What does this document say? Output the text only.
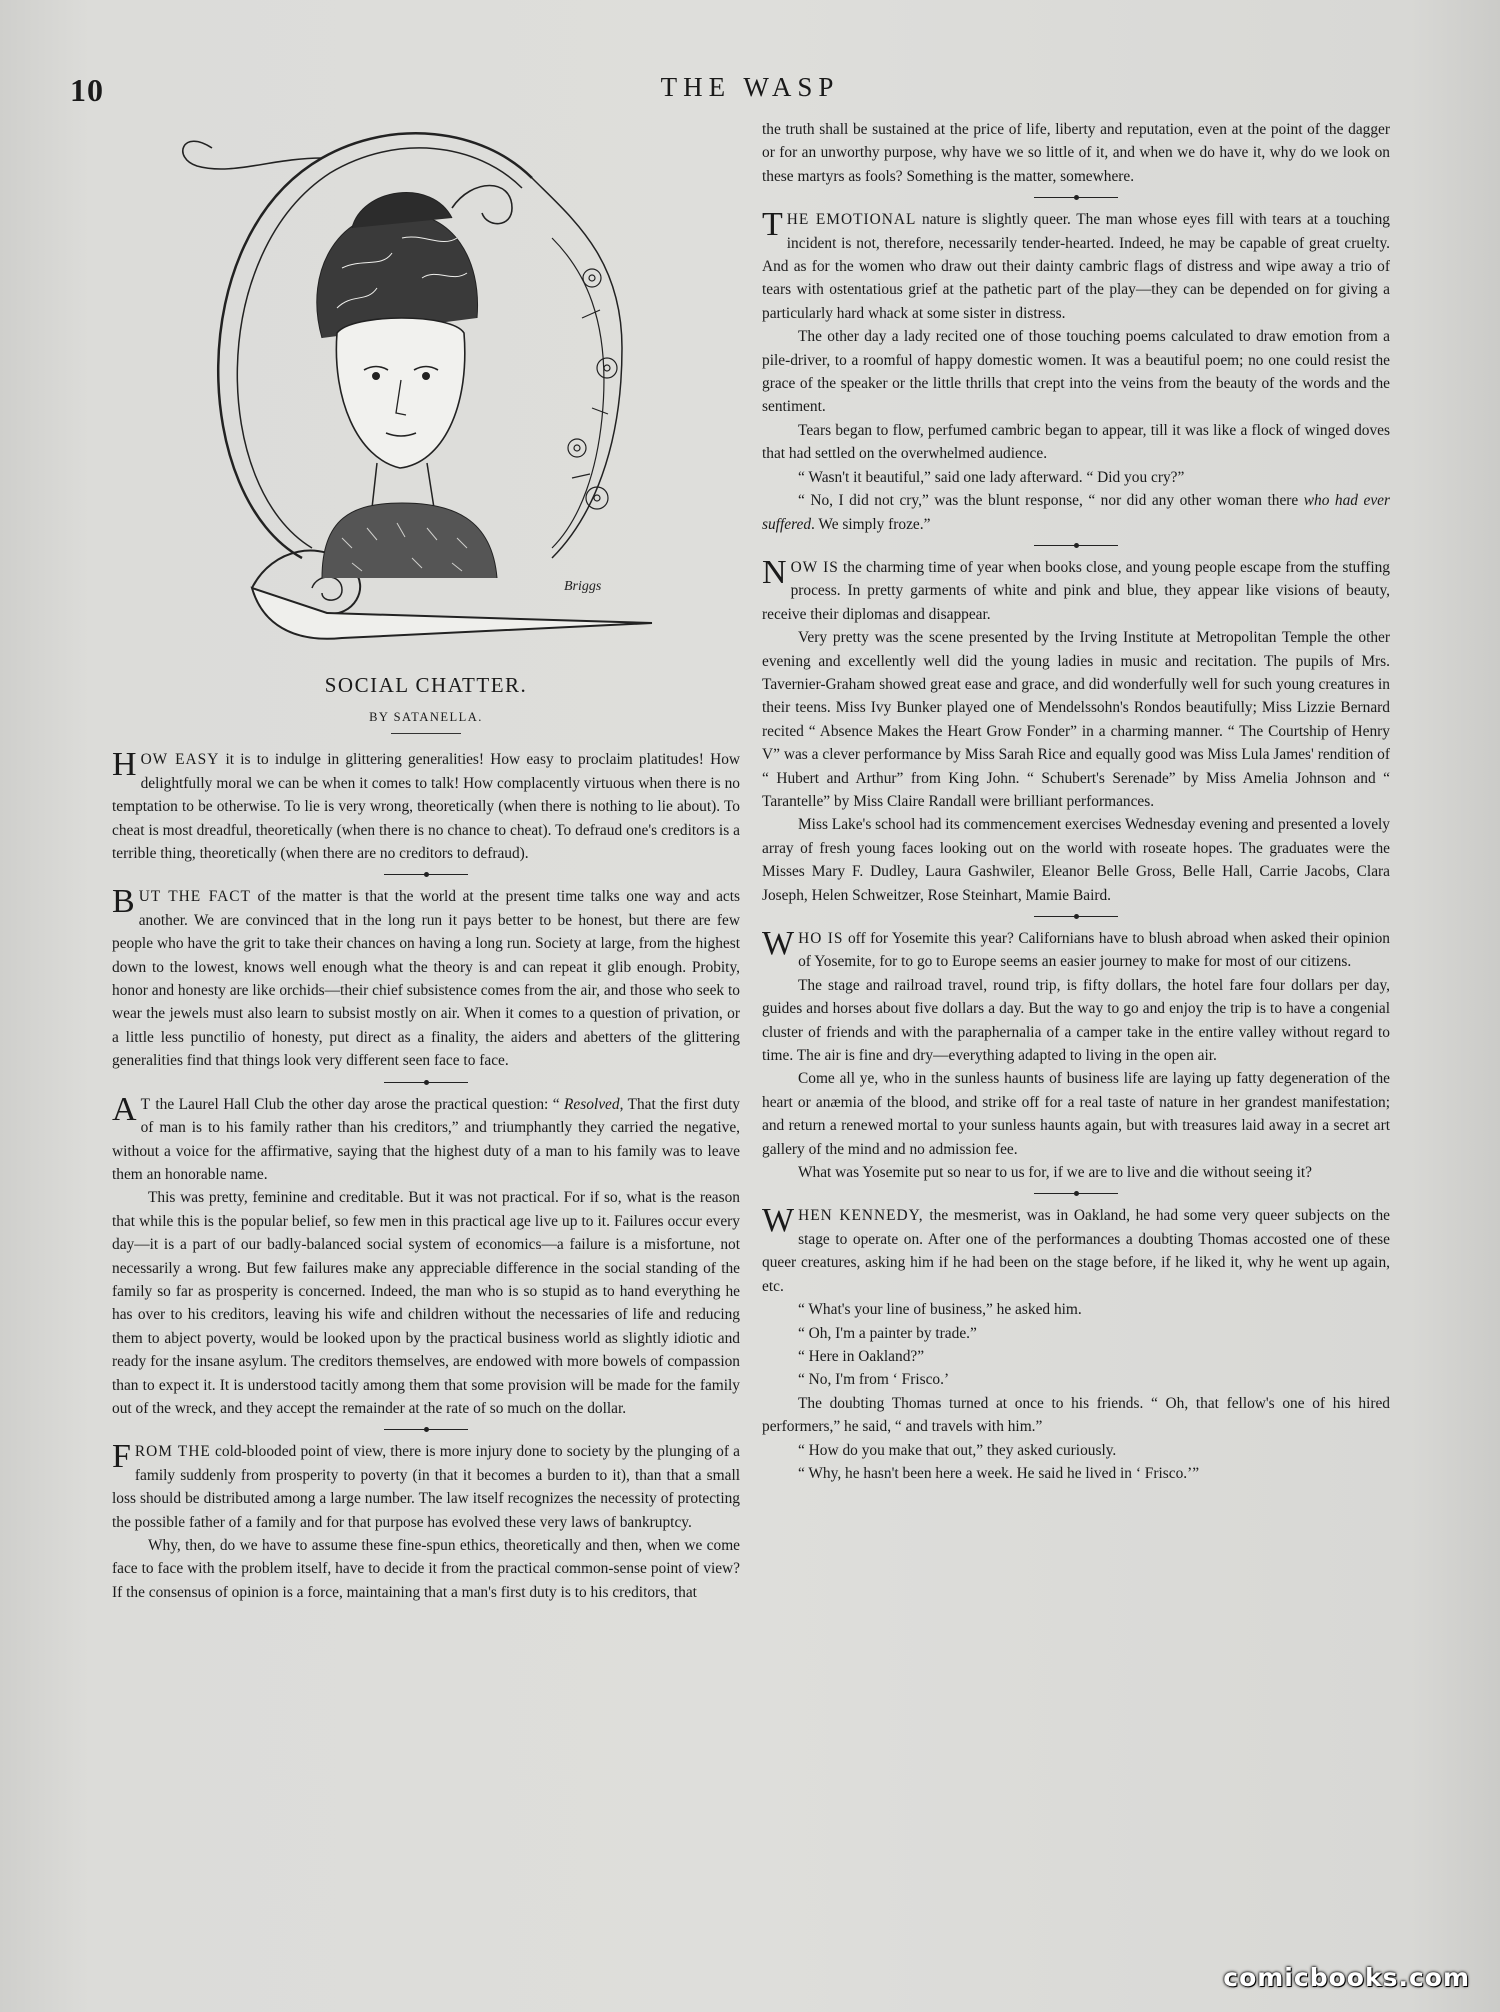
10	THE WASP
Briggs
SOCIAL CHATTER.
BY SATANELLA.

HOW EASY it is to indulge in glittering generalities! How easy to proclaim platitudes! How delightfully moral we can be when it comes to talk! How complacently virtuous when there is no temptation to be otherwise. To lie is very wrong, theoretically (when there is nothing to lie about). To cheat is most dreadful, theoretically (when there is no chance to cheat). To defraud one's creditors is a terrible thing, theoretically (when there are no creditors to defraud).

BUT THE FACT of the matter is that the world at the present time talks one way and acts another. We are convinced that in the long run it pays better to be honest, but there are few people who have the grit to take their chances on having a long run. Society at large, from the highest down to the lowest, knows well enough what the theory is and can repeat it glib enough. Probity, honor and honesty are like orchids—their chief subsistence comes from the air, and those who seek to wear the jewels must also learn to subsist mostly on air. When it comes to a question of privation, or a little less punctilio of honesty, put direct as a finality, the aiders and abetters of the glittering generalities find that things look very different seen face to face.

A T the Laurel Hall Club the other day arose the practical question: “ Resolved, That the first duty of man is to his family rather than his creditors,” and triumphantly they carried the negative, without a voice for the affirmative, saying that the highest duty of a man to his family was to leave them an honorable name.

This was pretty, feminine and creditable. But it was not practical. For if so, what is the reason that while this is the popular belief, so few men in this practical age live up to it. Failures occur every day—it is a part of our badly-balanced social system of economics—a failure is a misfortune, not necessarily a wrong. But few failures make any appreciable difference in the social standing of the family so far as prosperity is concerned. Indeed, the man who is so stupid as to hand everything he has over to his creditors, leaving his wife and children without the necessaries of life and reducing them to abject poverty, would be looked upon by the practical business world as slightly idiotic and ready for the insane asylum. The creditors themselves, are endowed with more bowels of compassion than to expect it. It is understood tacitly among them that some provision will be made for the family out of the wreck, and they accept the remainder at the rate of so much on the dollar.

FROM THE cold-blooded point of view, there is more injury done to society by the plunging of a family suddenly from prosperity to poverty (in that it becomes a burden to it), than that a small loss should be distributed among a large number. The law itself recognizes the necessity of protecting the possible father of a family and for that purpose has evolved these very laws of bankruptcy.

Why, then, do we have to assume these fine-spun ethics, theoretically and then, when we come face to face with the problem itself, have to decide it from the practical common-sense point of view? If the consensus of opinion is a force, maintaining that a man's first duty is to his creditors, that

the truth shall be sustained at the price of life, liberty and reputation, even at the point of the dagger or for an unworthy purpose, why have we so little of it, and when we do have it, why do we look on these martyrs as fools? Something is the matter, somewhere.

THE EMOTIONAL nature is slightly queer. The man whose eyes fill with tears at a touching incident is not, therefore, necessarily tender-hearted. Indeed, he may be capable of great cruelty. And as for the women who draw out their dainty cambric flags of distress and wipe away a trio of tears with ostentatious grief at the pathetic part of the play—they can be depended on for giving a particularly hard whack at some sister in distress.

The other day a lady recited one of those touching poems calculated to draw emotion from a pile-driver, to a roomful of happy domestic women. It was a beautiful poem; no one could resist the grace of the speaker or the little thrills that crept into the veins from the beauty of the words and the sentiment.

Tears began to flow, perfumed cambric began to appear, till it was like a flock of winged doves that had settled on the overwhelmed audience.

“ Wasn't it beautiful,” said one lady afterward. “ Did you cry?”

“ No, I did not cry,” was the blunt response, “ nor did any other woman there who had ever suffered. We simply froze.”

NOW IS the charming time of year when books close, and young people escape from the stuffing process. In pretty garments of white and pink and blue, they appear like visions of beauty, receive their diplomas and disappear.

Very pretty was the scene presented by the Irving Institute at Metropolitan Temple the other evening and excellently well did the young ladies in music and recitation. The pupils of Mrs. Tavernier-Graham showed great ease and grace, and did wonderfully well for such young creatures in their teens. Miss Ivy Bunker played one of Mendelssohn's Rondos beautifully; Miss Lizzie Bernard recited “ Absence Makes the Heart Grow Fonder” in a charming manner. “ The Courtship of Henry V” was a clever performance by Miss Sarah Rice and equally good was Miss Lula James' rendition of “ Hubert and Arthur” from King John. “ Schubert's Serenade” by Miss Amelia Johnson and “ Tarantelle” by Miss Claire Randall were brilliant performances.

Miss Lake's school had its commencement exercises Wednesday evening and presented a lovely array of fresh young faces looking out on the world with roseate hopes. The graduates were the Misses Mary F. Dudley, Laura Gashwiler, Eleanor Belle Gross, Belle Hall, Carrie Jacobs, Clara Joseph, Helen Schweitzer, Rose Steinhart, Mamie Baird.

WHO IS off for Yosemite this year? Californians have to blush abroad when asked their opinion of Yosemite, for to go to Europe seems an easier journey to make for most of our citizens.

The stage and railroad travel, round trip, is fifty dollars, the hotel fare four dollars per day, guides and horses about five dollars a day. But the way to go and enjoy the trip is to have a congenial cluster of friends and with the paraphernalia of a camper take in the entire valley without regard to time. The air is fine and dry—everything adapted to living in the open air.

Come all ye, who in the sunless haunts of business life are laying up fatty degeneration of the heart or anæmia of the blood, and strike off for a real taste of nature in her grandest manifestation; and return a renewed mortal to your sunless haunts again, but with treasures laid away in a secret art gallery of the mind and no admission fee.

What was Yosemite put so near to us for, if we are to live and die without seeing it?

WHEN KENNEDY, the mesmerist, was in Oakland, he had some very queer subjects on the stage to operate on. After one of the performances a doubting Thomas accosted one of these queer creatures, asking him if he had been on the stage before, if he liked it, why he went up again, etc.

“ What's your line of business,” he asked him.

“ Oh, I'm a painter by trade.”

“ Here in Oakland?”

“ No, I'm from ‘ Frisco.’

The doubting Thomas turned at once to his friends. “ Oh, that fellow's one of his hired performers,” he said, “ and travels with him.”

“ How do you make that out,” they asked curiously.

“ Why, he hasn't been here a week. He said he lived in ‘ Frisco.’”

comicbooks.com
